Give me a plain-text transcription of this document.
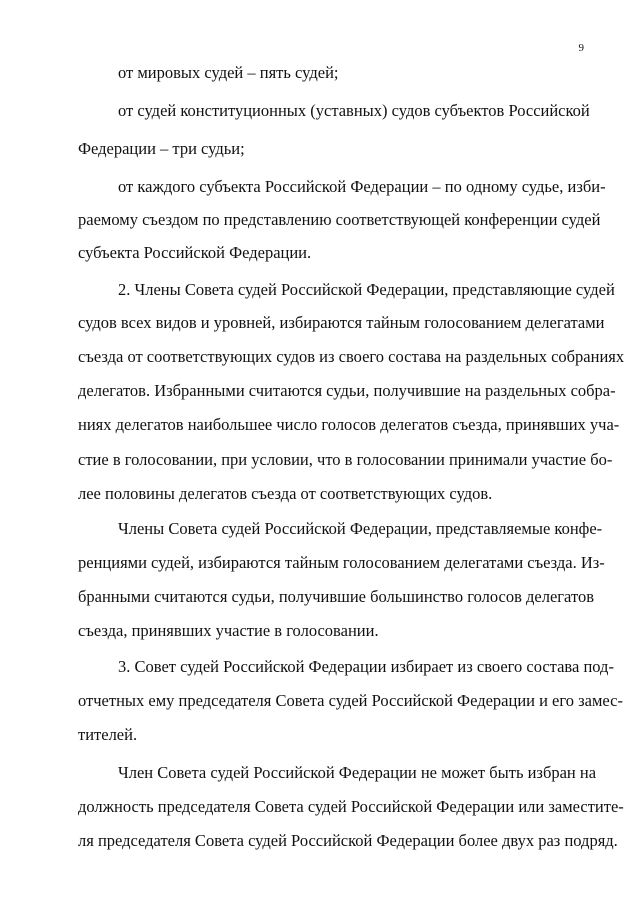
9
от мировых судей – пять судей;
от судей конституционных (уставных) судов субъектов Российской
Федерации – три судьи;
от каждого субъекта Российской Федерации – по одному судье, изби-
раемому съездом по представлению соответствующей конференции судей
субъекта Российской Федерации.
2. Члены Совета судей Российской Федерации, представляющие судей
судов всех видов и уровней, избираются тайным голосованием делегатами
съезда от соответствующих судов из своего состава на раздельных собраниях
делегатов. Избранными считаются судьи, получившие на раздельных собра-
ниях делегатов наибольшее число голосов делегатов съезда, принявших уча-
стие в голосовании, при условии, что в голосовании принимали участие бо-
лее половины делегатов съезда от соответствующих судов.
Члены Совета судей Российской Федерации, представляемые конфе-
ренциями судей, избираются тайным голосованием делегатами съезда. Из-
бранными считаются судьи, получившие большинство голосов делегатов
съезда, принявших участие в голосовании.
3. Совет судей Российской Федерации избирает из своего состава под-
отчетных ему председателя Совета судей Российской Федерации и его замес-
тителей.
Член Совета судей Российской Федерации не может быть избран на
должность председателя Совета судей Российской Федерации или заместите-
ля председателя Совета судей Российской Федерации более двух раз подряд.
